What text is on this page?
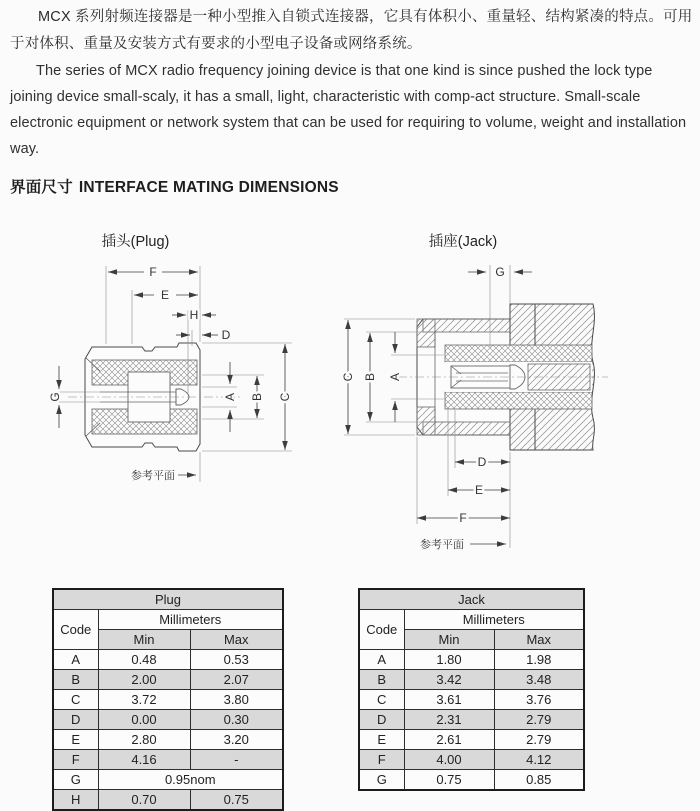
MCX 系列射频连接器是一种小型推入自锁式连接器，它具有体积小、重量轻、结构紧凑的特点。可用于对体积、重量及安装方式有要求的小型电子设备或网络系统。

The series of MCX radio frequency joining device is that one kind is since pushed the lock type joining device small-scaly, it has a small, light, characteristic with comp-act structure. Small-scale electronic equipment or network system that can be used for requiring to volume, weight and installation way.

界面尺寸 INTERFACE MATING DIMENSIONS
插头(Plug)	插座(Jack)
F
E
H
D
G	A B C
参考平面
G
C B A
D
E
F
参考平面
Plug		
Code	Millimeters	
	Min	Max
A	0.48	0.53
B	2.00	2.07
C	3.72	3.80
D	0.00	0.30
E	2.80	3.20
F	4.16	-
G	0.95nom	
H	0.70	0.75
Jack		
Code	Millimeters	
	Min	Max
A	1.80	1.98
B	3.42	3.48
C	3.61	3.76
D	2.31	2.79
E	2.61	2.79
F	4.00	4.12
G	0.75	0.85
